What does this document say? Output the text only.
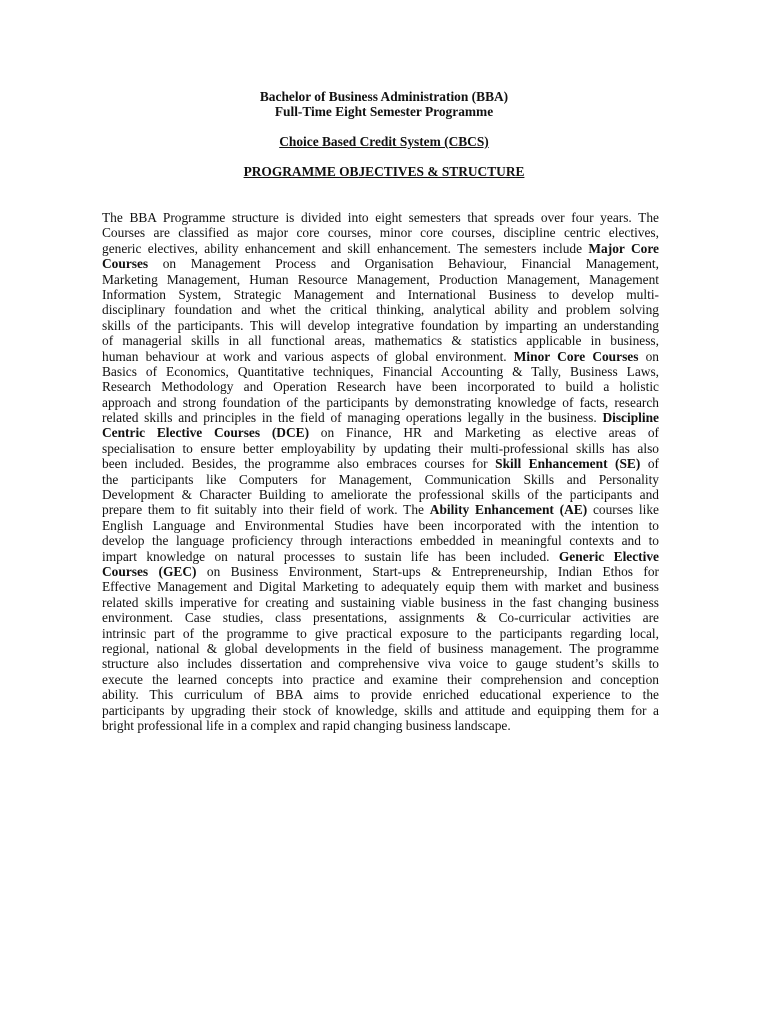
Bachelor of Business Administration (BBA)
Full-Time Eight Semester Programme
Choice Based Credit System (CBCS)
PROGRAMME OBJECTIVES & STRUCTURE
The BBA Programme structure is divided into eight semesters that spreads over four years. The
Courses are classified as major core courses, minor core courses, discipline centric electives,
generic electives, ability enhancement and skill enhancement. The semesters include Major Core
Courses on Management Process and Organisation Behaviour, Financial Management,
Marketing Management, Human Resource Management, Production Management, Management
Information System, Strategic Management and International Business to develop multi-
disciplinary foundation and whet the critical thinking, analytical ability and problem solving
skills of the participants. This will develop integrative foundation by imparting an understanding
of managerial skills in all functional areas, mathematics & statistics applicable in business,
human behaviour at work and various aspects of global environment. Minor Core Courses on
Basics of Economics, Quantitative techniques, Financial Accounting & Tally, Business Laws,
Research Methodology and Operation Research have been incorporated to build a holistic
approach and strong foundation of the participants by demonstrating knowledge of facts, research
related skills and principles in the field of managing operations legally in the business. Discipline
Centric Elective Courses (DCE) on Finance, HR and Marketing as elective areas of
specialisation to ensure better employability by updating their multi-professional skills has also
been included. Besides, the programme also embraces courses for Skill Enhancement (SE) of
the participants like Computers for Management, Communication Skills and Personality
Development & Character Building to ameliorate the professional skills of the participants and
prepare them to fit suitably into their field of work. The Ability Enhancement (AE) courses like
English Language and Environmental Studies have been incorporated with the intention to
develop the language proficiency through interactions embedded in meaningful contexts and to
impart knowledge on natural processes to sustain life has been included. Generic Elective
Courses (GEC) on Business Environment, Start-ups & Entrepreneurship, Indian Ethos for
Effective Management and Digital Marketing to adequately equip them with market and business
related skills imperative for creating and sustaining viable business in the fast changing business
environment. Case studies, class presentations, assignments & Co-curricular activities are
intrinsic part of the programme to give practical exposure to the participants regarding local,
regional, national & global developments in the field of business management. The programme
structure also includes dissertation and comprehensive viva voice to gauge student’s skills to
execute the learned concepts into practice and examine their comprehension and conception
ability. This curriculum of BBA aims to provide enriched educational experience to the
participants by upgrading their stock of knowledge, skills and attitude and equipping them for a
bright professional life in a complex and rapid changing business landscape.
